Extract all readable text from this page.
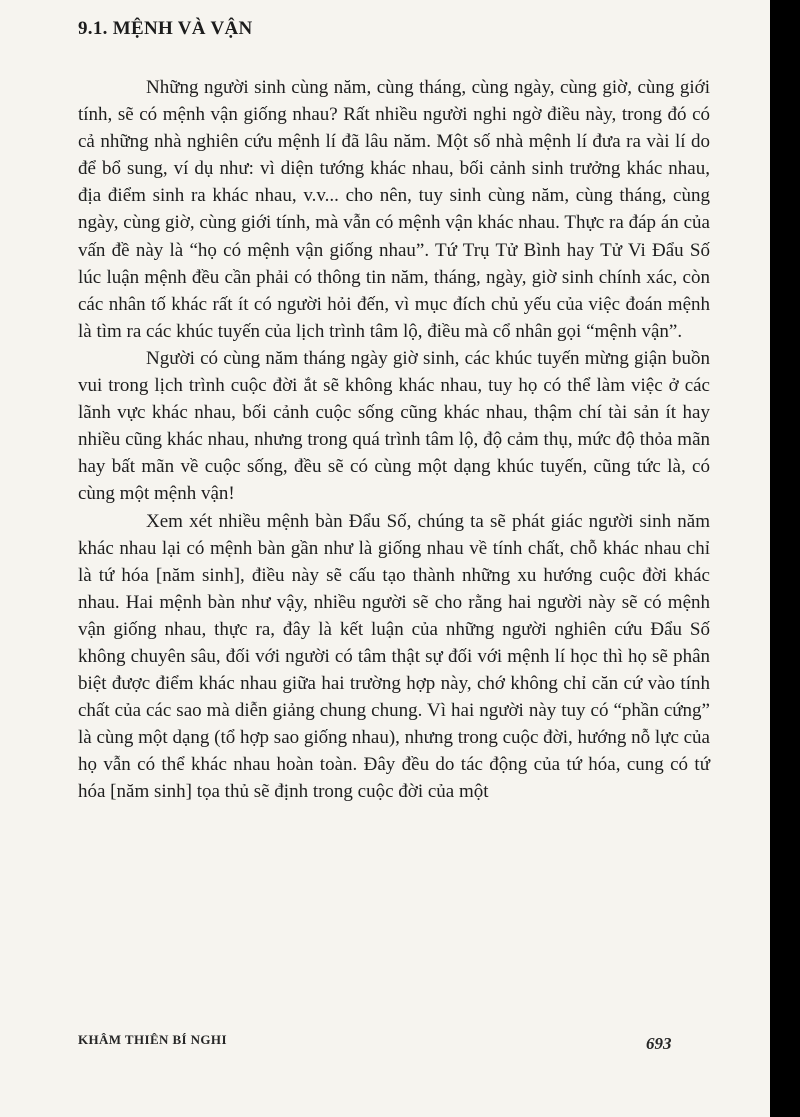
9.1. MỆNH VÀ VẬN

Những người sinh cùng năm, cùng tháng, cùng ngày, cùng giờ, cùng giới tính, sẽ có mệnh vận giống nhau? Rất nhiều người nghi ngờ điều này, trong đó có cả những nhà nghiên cứu mệnh lí đã lâu năm. Một số nhà mệnh lí đưa ra vài lí do để bổ sung, ví dụ như: vì diện tướng khác nhau, bối cảnh sinh trưởng khác nhau, địa điểm sinh ra khác nhau, v.v... cho nên, tuy sinh cùng năm, cùng tháng, cùng ngày, cùng giờ, cùng giới tính, mà vẫn có mệnh vận khác nhau. Thực ra đáp án của vấn đề này là “họ có mệnh vận giống nhau”. Tứ Trụ Tử Bình hay Tử Vi Đẩu Số lúc luận mệnh đều cần phải có thông tin năm, tháng, ngày, giờ sinh chính xác, còn các nhân tố khác rất ít có người hỏi đến, vì mục đích chủ yếu của việc đoán mệnh là tìm ra các khúc tuyến của lịch trình tâm lộ, điều mà cổ nhân gọi “mệnh vận”.

Người có cùng năm tháng ngày giờ sinh, các khúc tuyến mừng giận buồn vui trong lịch trình cuộc đời ắt sẽ không khác nhau, tuy họ có thể làm việc ở các lãnh vực khác nhau, bối cảnh cuộc sống cũng khác nhau, thậm chí tài sản ít hay nhiều cũng khác nhau, nhưng trong quá trình tâm lộ, độ cảm thụ, mức độ thỏa mãn hay bất mãn về cuộc sống, đều sẽ có cùng một dạng khúc tuyến, cũng tức là, có cùng một mệnh vận!

Xem xét nhiều mệnh bàn Đẩu Số, chúng ta sẽ phát giác người sinh năm khác nhau lại có mệnh bàn gần như là giống nhau về tính chất, chỗ khác nhau chỉ là tứ hóa [năm sinh], điều này sẽ cấu tạo thành những xu hướng cuộc đời khác nhau. Hai mệnh bàn như vậy, nhiều người sẽ cho rằng hai người này sẽ có mệnh vận giống nhau, thực ra, đây là kết luận của những người nghiên cứu Đẩu Số không chuyên sâu, đối với người có tâm thật sự đối với mệnh lí học thì họ sẽ phân biệt được điểm khác nhau giữa hai trường hợp này, chớ không chỉ căn cứ vào tính chất của các sao mà diễn giảng chung chung. Vì hai người này tuy có “phần cứng” là cùng một dạng (tổ hợp sao giống nhau), nhưng trong cuộc đời, hướng nỗ lực của họ vẫn có thể khác nhau hoàn toàn. Đây đều do tác động của tứ hóa, cung có tứ hóa [năm sinh] tọa thủ sẽ định trong cuộc đời của một

KHÂM THIÊN BÍ NGHI	693
